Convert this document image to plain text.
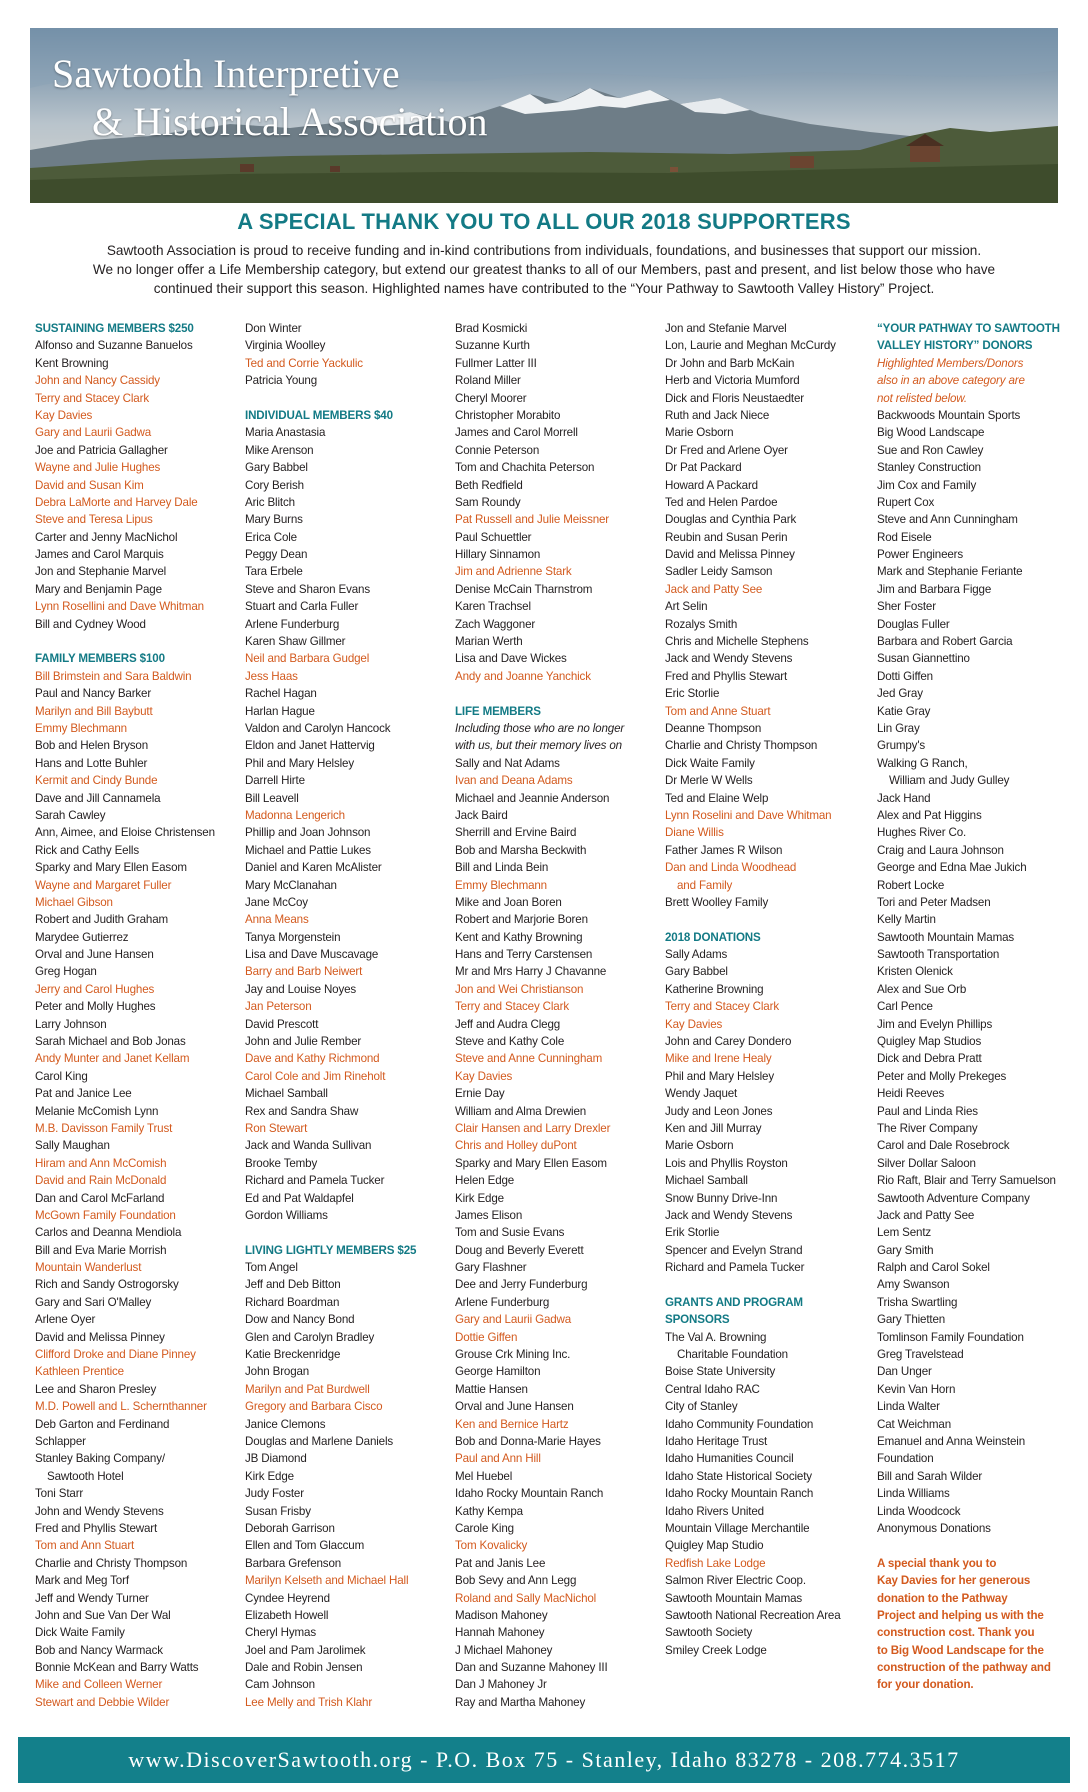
Sawtooth Interpretive
& Historical Association
A SPECIAL THANK YOU TO ALL OUR 2018 SUPPORTERS

Sawtooth Association is proud to receive funding and in-kind contributions from individuals, foundations, and businesses that support our mission.

We no longer offer a Life Membership category, but extend our greatest thanks to all of our Members, past and present, and list below those who have

continued their support this season. Highlighted names have contributed to the “Your Pathway to Sawtooth Valley History” Project.

SUSTAINING MEMBERS $250
Alfonso and Suzanne Banuelos
Kent Browning
John and Nancy Cassidy
Terry and Stacey Clark
Kay Davies
Gary and Laurii Gadwa
Joe and Patricia Gallagher
Wayne and Julie Hughes
David and Susan Kim
Debra LaMorte and Harvey Dale
Steve and Teresa Lipus
Carter and Jenny MacNichol
James and Carol Marquis
Jon and Stephanie Marvel
Mary and Benjamin Page
Lynn Rosellini and Dave Whitman
Bill and Cydney Wood
FAMILY MEMBERS $100
Bill Brimstein and Sara Baldwin
Paul and Nancy Barker
Marilyn and Bill Baybutt
Emmy Blechmann
Bob and Helen Bryson
Hans and Lotte Buhler
Kermit and Cindy Bunde
Dave and Jill Cannamela
Sarah Cawley
Ann, Aimee, and Eloise Christensen
Rick and Cathy Eells
Sparky and Mary Ellen Easom
Wayne and Margaret Fuller
Michael Gibson
Robert and Judith Graham
Marydee Gutierrez
Orval and June Hansen
Greg Hogan
Jerry and Carol Hughes
Peter and Molly Hughes
Larry Johnson
Sarah Michael and Bob Jonas
Andy Munter and Janet Kellam
Carol King
Pat and Janice Lee
Melanie McComish Lynn
M.B. Davisson Family Trust
Sally Maughan
Hiram and Ann McComish
David and Rain McDonald
Dan and Carol McFarland
McGown Family Foundation
Carlos and Deanna Mendiola
Bill and Eva Marie Morrish
Mountain Wanderlust
Rich and Sandy Ostrogorsky
Gary and Sari O'Malley
Arlene Oyer
David and Melissa Pinney
Clifford Droke and Diane Pinney
Kathleen Prentice
Lee and Sharon Presley
M.D. Powell and L. Schernthanner
Deb Garton and Ferdinand
Schlapper
Stanley Baking Company/
Sawtooth Hotel
Toni Starr
John and Wendy Stevens
Fred and Phyllis Stewart
Tom and Ann Stuart
Charlie and Christy Thompson
Mark and Meg Torf
Jeff and Wendy Turner
John and Sue Van Der Wal
Dick Waite Family
Bob and Nancy Warmack
Bonnie McKean and Barry Watts
Mike and Colleen Werner
Stewart and Debbie Wilder
Don Winter
Virginia Woolley
Ted and Corrie Yackulic
Patricia Young
INDIVIDUAL MEMBERS $40
Maria Anastasia
Mike Arenson
Gary Babbel
Cory Berish
Aric Blitch
Mary Burns
Erica Cole
Peggy Dean
Tara Erbele
Steve and Sharon Evans
Stuart and Carla Fuller
Arlene Funderburg
Karen Shaw Gillmer
Neil and Barbara Gudgel
Jess Haas
Rachel Hagan
Harlan Hague
Valdon and Carolyn Hancock
Eldon and Janet Hattervig
Phil and Mary Helsley
Darrell Hirte
Bill Leavell
Madonna Lengerich
Phillip and Joan Johnson
Michael and Pattie Lukes
Daniel and Karen McAlister
Mary McClanahan
Jane McCoy
Anna Means
Tanya Morgenstein
Lisa and Dave Muscavage
Barry and Barb Neiwert
Jay and Louise Noyes
Jan Peterson
David Prescott
John and Julie Rember
Dave and Kathy Richmond
Carol Cole and Jim Rineholt
Michael Samball
Rex and Sandra Shaw
Ron Stewart
Jack and Wanda Sullivan
Brooke Temby
Richard and Pamela Tucker
Ed and Pat Waldapfel
Gordon Williams
LIVING LIGHTLY MEMBERS $25
Tom Angel
Jeff and Deb Bitton
Richard Boardman
Dow and Nancy Bond
Glen and Carolyn Bradley
Katie Breckenridge
John Brogan
Marilyn and Pat Burdwell
Gregory and Barbara Cisco
Janice Clemons
Douglas and Marlene Daniels
JB Diamond
Kirk Edge
Judy Foster
Susan Frisby
Deborah Garrison
Ellen and Tom Glaccum
Barbara Grefenson
Marilyn Kelseth and Michael Hall
Cyndee Heyrend
Elizabeth Howell
Cheryl Hymas
Joel and Pam Jarolimek
Dale and Robin Jensen
Cam Johnson
Lee Melly and Trish Klahr
Brad Kosmicki
Suzanne Kurth
Fullmer Latter III
Roland Miller
Cheryl Moorer
Christopher Morabito
James and Carol Morrell
Connie Peterson
Tom and Chachita Peterson
Beth Redfield
Sam Roundy
Pat Russell and Julie Meissner
Paul Schuettler
Hillary Sinnamon
Jim and Adrienne Stark
Denise McCain Tharnstrom
Karen Trachsel
Zach Waggoner
Marian Werth
Lisa and Dave Wickes
Andy and Joanne Yanchick
LIFE MEMBERS
Including those who are no longer
with us, but their memory lives on
Sally and Nat Adams
Ivan and Deana Adams
Michael and Jeannie Anderson
Jack Baird
Sherrill and Ervine Baird
Bob and Marsha Beckwith
Bill and Linda Bein
Emmy Blechmann
Mike and Joan Boren
Robert and Marjorie Boren
Kent and Kathy Browning
Hans and Terry Carstensen
Mr and Mrs Harry J Chavanne
Jon and Wei Christianson
Terry and Stacey Clark
Jeff and Audra Clegg
Steve and Kathy Cole
Steve and Anne Cunningham
Kay Davies
Ernie Day
William and Alma Drewien
Clair Hansen and Larry Drexler
Chris and Holley duPont
Sparky and Mary Ellen Easom
Helen Edge
Kirk Edge
James Elison
Tom and Susie Evans
Doug and Beverly Everett
Gary Flashner
Dee and Jerry Funderburg
Arlene Funderburg
Gary and Laurii Gadwa
Dottie Giffen
Grouse Crk Mining Inc.
George Hamilton
Mattie Hansen
Orval and June Hansen
Ken and Bernice Hartz
Bob and Donna-Marie Hayes
Paul and Ann Hill
Mel Huebel
Idaho Rocky Mountain Ranch
Kathy Kempa
Carole King
Tom Kovalicky
Pat and Janis Lee
Bob Sevy and Ann Legg
Roland and Sally MacNichol
Madison Mahoney
Hannah Mahoney
J Michael Mahoney
Dan and Suzanne Mahoney III
Dan J Mahoney Jr
Ray and Martha Mahoney
Jon and Stefanie Marvel
Lon, Laurie and Meghan McCurdy
Dr John and Barb McKain
Herb and Victoria Mumford
Dick and Floris Neustaedter
Ruth and Jack Niece
Marie Osborn
Dr Fred and Arlene Oyer
Dr Pat Packard
Howard A Packard
Ted and Helen Pardoe
Douglas and Cynthia Park
Reubin and Susan Perin
David and Melissa Pinney
Sadler Leidy Samson
Jack and Patty See
Art Selin
Rozalys Smith
Chris and Michelle Stephens
Jack and Wendy Stevens
Fred and Phyllis Stewart
Eric Storlie
Tom and Anne Stuart
Deanne Thompson
Charlie and Christy Thompson
Dick Waite Family
Dr Merle W Wells
Ted and Elaine Welp
Lynn Roselini and Dave Whitman
Diane Willis
Father James R Wilson
Dan and Linda Woodhead
and Family
Brett Woolley Family
2018 DONATIONS
Sally Adams
Gary Babbel
Katherine Browning
Terry and Stacey Clark
Kay Davies
John and Carey Dondero
Mike and Irene Healy
Phil and Mary Helsley
Wendy Jaquet
Judy and Leon Jones
Ken and Jill Murray
Marie Osborn
Lois and Phyllis Royston
Michael Samball
Snow Bunny Drive-Inn
Jack and Wendy Stevens
Erik Storlie
Spencer and Evelyn Strand
Richard and Pamela Tucker
GRANTS AND PROGRAM
SPONSORS
The Val A. Browning
Charitable Foundation
Boise State University
Central Idaho RAC
City of Stanley
Idaho Community Foundation
Idaho Heritage Trust
Idaho Humanities Council
Idaho State Historical Society
Idaho Rocky Mountain Ranch
Idaho Rivers United
Mountain Village Merchantile
Quigley Map Studio
Redfish Lake Lodge
Salmon River Electric Coop.
Sawtooth Mountain Mamas
Sawtooth National Recreation Area
Sawtooth Society
Smiley Creek Lodge
“YOUR PATHWAY TO SAWTOOTH
VALLEY HISTORY” DONORS
Highlighted Members/Donors
also in an above category are
not relisted below.
Backwoods Mountain Sports
Big Wood Landscape
Sue and Ron Cawley
Stanley Construction
Jim Cox and Family
Rupert Cox
Steve and Ann Cunningham
Rod Eisele
Power Engineers
Mark and Stephanie Feriante
Jim and Barbara Figge
Sher Foster
Douglas Fuller
Barbara and Robert Garcia
Susan Giannettino
Dotti Giffen
Jed Gray
Katie Gray
Lin Gray
Grumpy's
Walking G Ranch,
William and Judy Gulley
Jack Hand
Alex and Pat Higgins
Hughes River Co.
Craig and Laura Johnson
George and Edna Mae Jukich
Robert Locke
Tori and Peter Madsen
Kelly Martin
Sawtooth Mountain Mamas
Sawtooth Transportation
Kristen Olenick
Alex and Sue Orb
Carl Pence
Jim and Evelyn Phillips
Quigley Map Studios
Dick and Debra Pratt
Peter and Molly Prekeges
Heidi Reeves
Paul and Linda Ries
The River Company
Carol and Dale Rosebrock
Silver Dollar Saloon
Rio Raft, Blair and Terry Samuelson
Sawtooth Adventure Company
Jack and Patty See
Lem Sentz
Gary Smith
Ralph and Carol Sokel
Amy Swanson
Trisha Swartling
Gary Thietten
Tomlinson Family Foundation
Greg Travelstead
Dan Unger
Kevin Van Horn
Linda Walter
Cat Weichman
Emanuel and Anna Weinstein
Foundation
Bill and Sarah Wilder
Linda Williams
Linda Woodcock
Anonymous Donations
A special thank you to
Kay Davies for her generous
donation to the Pathway
Project and helping us with the
construction cost. Thank you
to Big Wood Landscape for the
construction of the pathway and
for your donation.
www.DiscoverSawtooth.org - P.O. Box 75 - Stanley, Idaho 83278 - 208.774.3517
